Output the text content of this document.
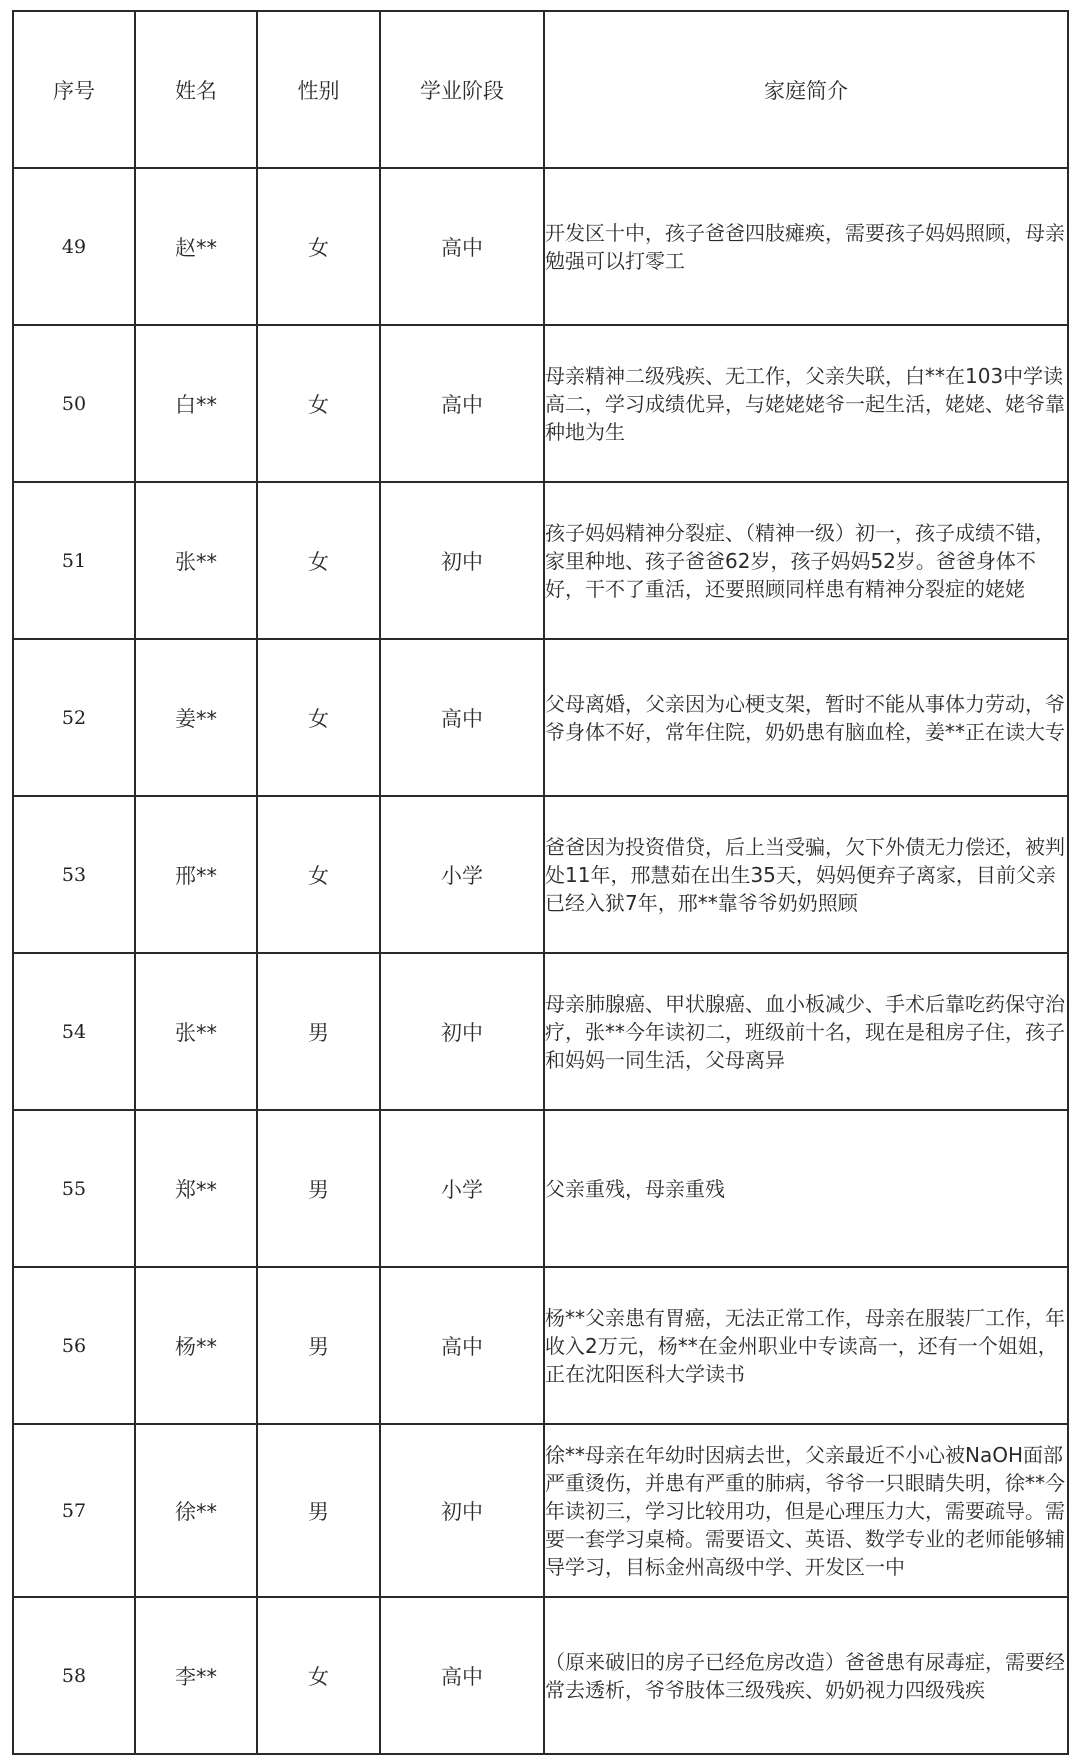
序号	姓名	性别	学业阶段	家庭简介
49	赵**	女	高中	开发区十中，孩子爸爸四肢瘫痪，需要孩子妈妈照顾，母亲勉强可以打零工
50	白**	女	高中	母亲精神二级残疾、无工作，父亲失联，白**在103中学读高二，学习成绩优异，与姥姥姥爷一起生活，姥姥、姥爷靠种地为生
51	张**	女	初中	孩子妈妈精神分裂症、（精神一级）初一，孩子成绩不错，家里种地、孩子爸爸62岁，孩子妈妈52岁。爸爸身体不好，干不了重活，还要照顾同样患有精神分裂症的姥姥
52	姜**	女	高中	父母离婚，父亲因为心梗支架，暂时不能从事体力劳动，爷爷身体不好，常年住院，奶奶患有脑血栓，姜**正在读大专
53	邢**	女	小学	爸爸因为投资借贷，后上当受骗，欠下外债无力偿还，被判处11年，邢慧茹在出生35天，妈妈便弃子离家，目前父亲已经入狱7年，邢**靠爷爷奶奶照顾
54	张**	男	初中	母亲肺腺癌、甲状腺癌、血小板减少、手术后靠吃药保守治疗，张**今年读初二，班级前十名，现在是租房子住，孩子和妈妈一同生活，父母离异
55	郑**	男	小学	父亲重残，母亲重残
56	杨**	男	高中	杨**父亲患有胃癌，无法正常工作，母亲在服装厂工作，年收入2万元，杨**在金州职业中专读高一，还有一个姐姐，正在沈阳医科大学读书
57	徐**	男	初中	徐**母亲在年幼时因病去世，父亲最近不小心被NaOH面部严重烫伤，并患有严重的肺病，爷爷一只眼睛失明，徐**今年读初三，学习比较用功，但是心理压力大，需要疏导。需要一套学习桌椅。需要语文、英语、数学专业的老师能够辅导学习，目标金州高级中学、开发区一中
58	李**	女	高中	（原来破旧的房子已经危房改造）爸爸患有尿毒症，需要经常去透析，爷爷肢体三级残疾、奶奶视力四级残疾
